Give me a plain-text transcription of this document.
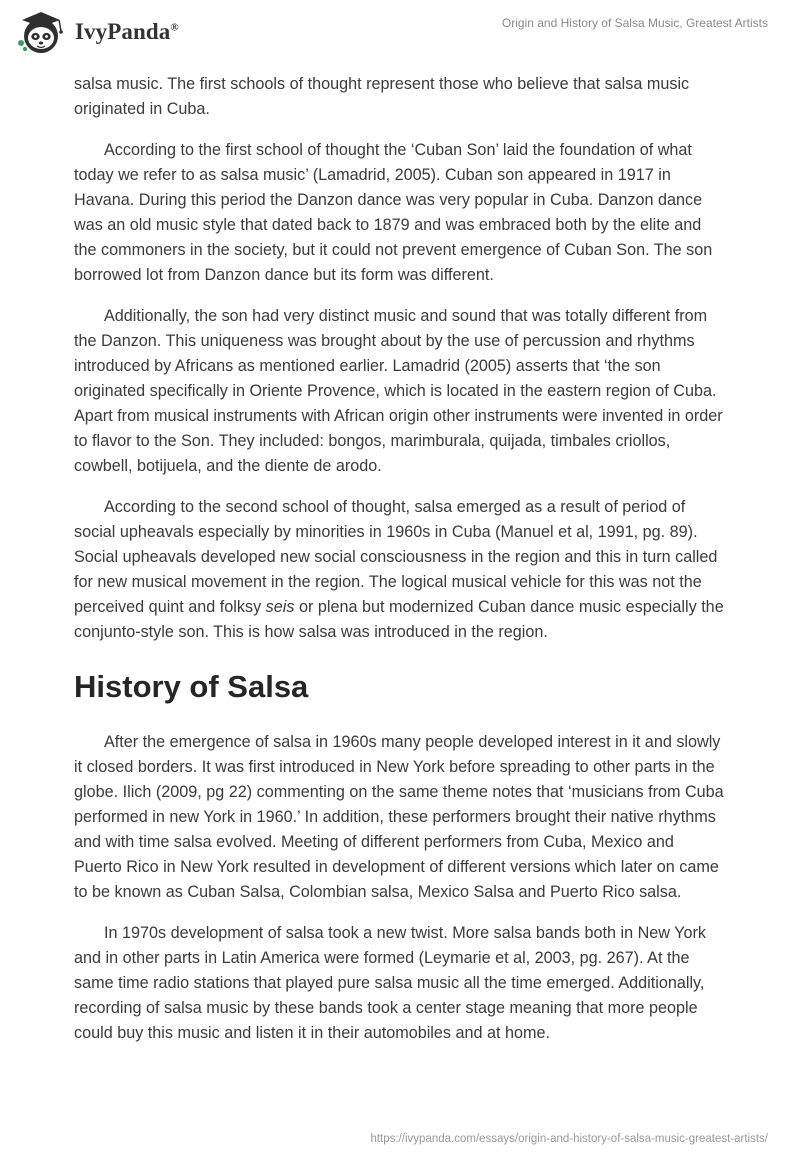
IvyPanda®	Origin and History of Salsa Music, Greatest Artists

salsa music. The first schools of thought represent those who believe that salsa music originated in Cuba.

According to the first school of thought the ‘Cuban Son’ laid the foundation of what today we refer to as salsa music’ (Lamadrid, 2005). Cuban son appeared in 1917 in Havana. During this period the Danzon dance was very popular in Cuba. Danzon dance was an old music style that dated back to 1879 and was embraced both by the elite and the commoners in the society, but it could not prevent emergence of Cuban Son. The son borrowed lot from Danzon dance but its form was different.

Additionally, the son had very distinct music and sound that was totally different from the Danzon. This uniqueness was brought about by the use of percussion and rhythms introduced by Africans as mentioned earlier. Lamadrid (2005) asserts that ‘the son originated specifically in Oriente Provence, which is located in the eastern region of Cuba. Apart from musical instruments with African origin other instruments were invented in order to flavor to the Son. They included: bongos, marimburala, quijada, timbales criollos, cowbell, botijuela, and the diente de arodo.

According to the second school of thought, salsa emerged as a result of period of social upheavals especially by minorities in 1960s in Cuba (Manuel et al, 1991, pg. 89). Social upheavals developed new social consciousness in the region and this in turn called for new musical movement in the region. The logical musical vehicle for this was not the perceived quint and folksy seis or plena but modernized Cuban dance music especially the conjunto-style son. This is how salsa was introduced in the region.

History of Salsa

After the emergence of salsa in 1960s many people developed interest in it and slowly it closed borders. It was first introduced in New York before spreading to other parts in the globe. Ilich (2009, pg 22) commenting on the same theme notes that ‘musicians from Cuba performed in new York in 1960.’ In addition, these performers brought their native rhythms and with time salsa evolved. Meeting of different performers from Cuba, Mexico and Puerto Rico in New York resulted in development of different versions which later on came to be known as Cuban Salsa, Colombian salsa, Mexico Salsa and Puerto Rico salsa.

In 1970s development of salsa took a new twist. More salsa bands both in New York and in other parts in Latin America were formed (Leymarie et al, 2003, pg. 267). At the same time radio stations that played pure salsa music all the time emerged. Additionally, recording of salsa music by these bands took a center stage meaning that more people could buy this music and listen it in their automobiles and at home.

https://ivypanda.com/essays/origin-and-history-of-salsa-music-greatest-artists/
